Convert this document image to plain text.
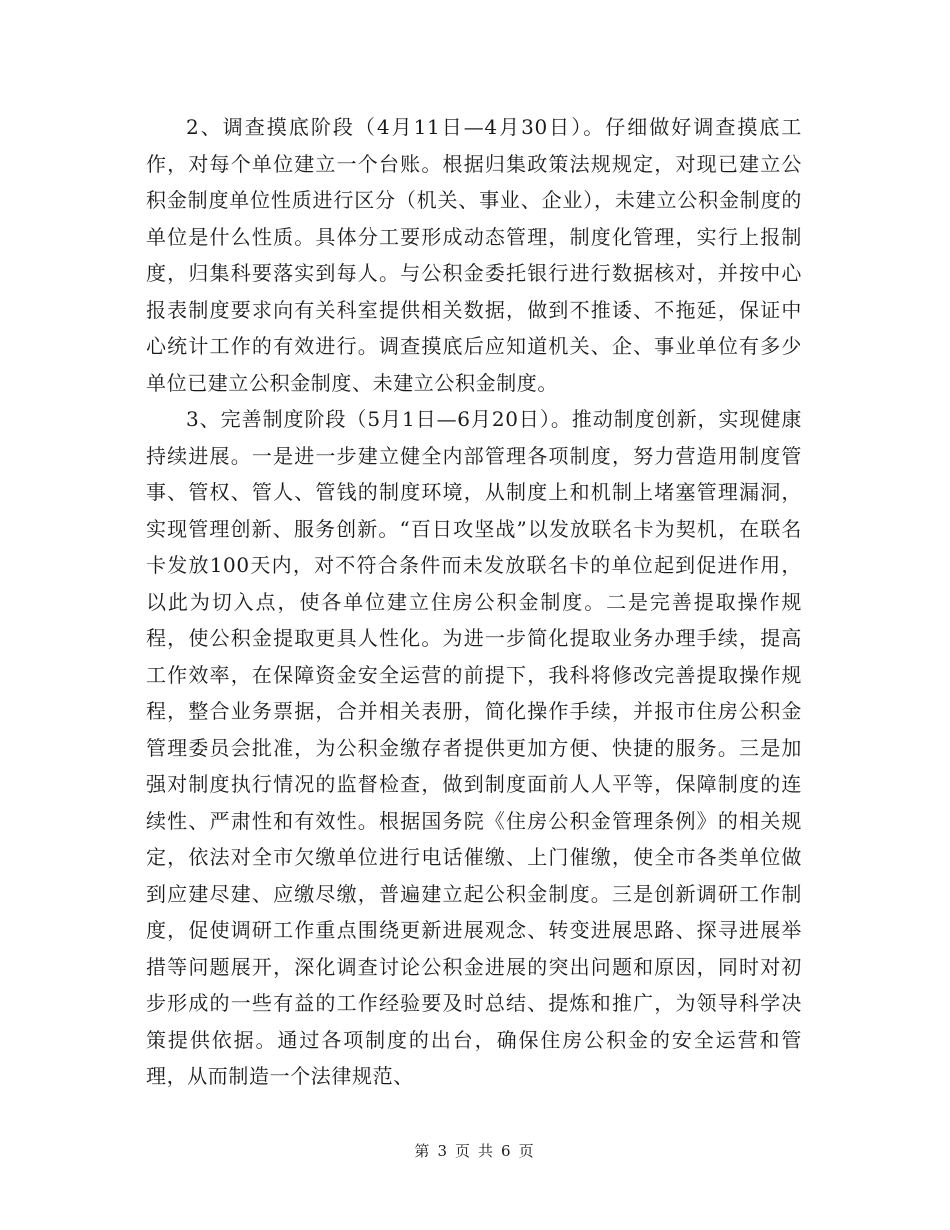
2、调查摸底阶段（4月11日—4月30日）。仔细做好调查摸底工作，对每个单位建立一个台账。根据归集政策法规规定，对现已建立公积金制度单位性质进行区分（机关、事业、企业），未建立公积金制度的单位是什么性质。具体分工要形成动态管理，制度化管理，实行上报制度，归集科要落实到每人。与公积金委托银行进行数据核对，并按中心报表制度要求向有关科室提供相关数据，做到不推诿、不拖延，保证中心统计工作的有效进行。调查摸底后应知道机关、企、事业单位有多少单位已建立公积金制度、未建立公积金制度。

3、完善制度阶段（5月1日—6月20日）。推动制度创新，实现健康持续进展。一是进一步建立健全内部管理各项制度，努力营造用制度管事、管权、管人、管钱的制度环境，从制度上和机制上堵塞管理漏洞，实现管理创新、服务创新。“百日攻坚战”以发放联名卡为契机，在联名卡发放100天内，对不符合条件而未发放联名卡的单位起到促进作用，以此为切入点，使各单位建立住房公积金制度。二是完善提取操作规程，使公积金提取更具人性化。为进一步简化提取业务办理手续，提高工作效率，在保障资金安全运营的前提下，我科将修改完善提取操作规程，整合业务票据，合并相关表册，简化操作手续，并报市住房公积金管理委员会批准，为公积金缴存者提供更加方便、快捷的服务。三是加强对制度执行情况的监督检查，做到制度面前人人平等，保障制度的连续性、严肃性和有效性。根据国务院《住房公积金管理条例》的相关规定，依法对全市欠缴单位进行电话催缴、上门催缴，使全市各类单位做到应建尽建、应缴尽缴，普遍建立起公积金制度。三是创新调研工作制度，促使调研工作重点围绕更新进展观念、转变进展思路、探寻进展举措等问题展开，深化调查讨论公积金进展的突出问题和原因，同时对初步形成的一些有益的工作经验要及时总结、提炼和推广，为领导科学决策提供依据。通过各项制度的出台，确保住房公积金的安全运营和管理，从而制造一个法律规范、

第 3 页 共 6 页
